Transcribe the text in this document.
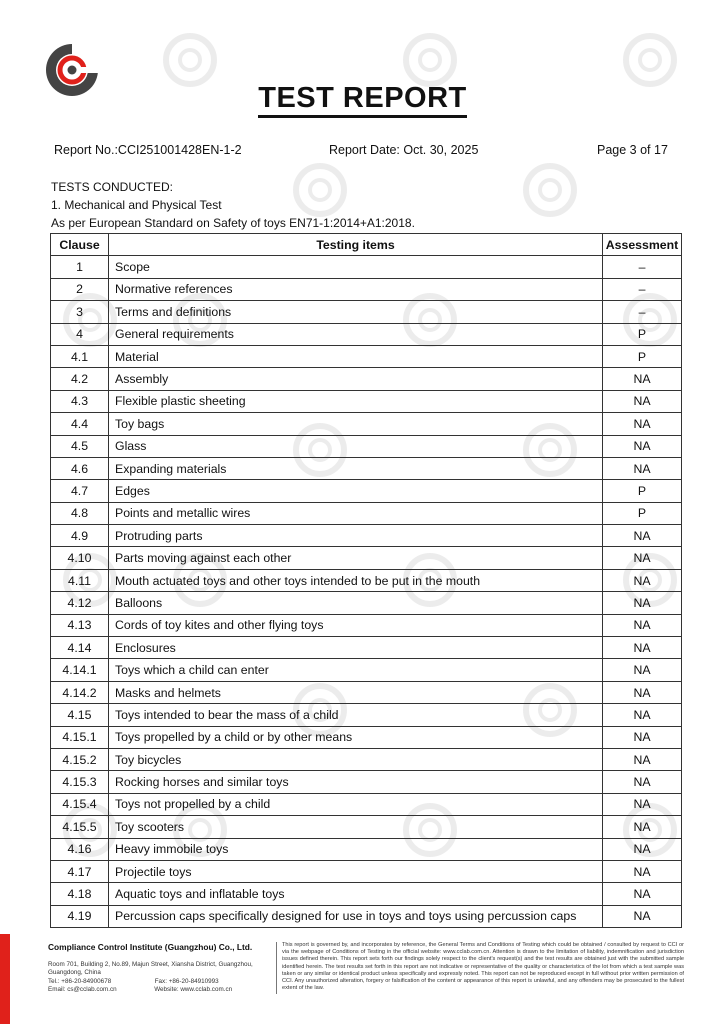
TEST REPORT
Report No.:CCI251001428EN-1-2	Report Date: Oct. 30, 2025	Page 3 of 17
TESTS CONDUCTED:
1. Mechanical and Physical Test
As per European Standard on Safety of toys EN71-1:2014+A1:2018.
Clause	Testing items	Assessment
1	Scope	–
2	Normative references	–
3	Terms and definitions	–
4	General requirements	P
4.1	Material	P
4.2	Assembly	NA
4.3	Flexible plastic sheeting	NA
4.4	Toy bags	NA
4.5	Glass	NA
4.6	Expanding materials	NA
4.7	Edges	P
4.8	Points and metallic wires	P
4.9	Protruding parts	NA
4.10	Parts moving against each other	NA
4.11	Mouth actuated toys and other toys intended to be put in the mouth	NA
4.12	Balloons	NA
4.13	Cords of toy kites and other flying toys	NA
4.14	Enclosures	NA
4.14.1	Toys which a child can enter	NA
4.14.2	Masks and helmets	NA
4.15	Toys intended to bear the mass of a child	NA
4.15.1	Toys propelled by a child or by other means	NA
4.15.2	Toy bicycles	NA
4.15.3	Rocking horses and similar toys	NA
4.15.4	Toys not propelled by a child	NA
4.15.5	Toy scooters	NA
4.16	Heavy immobile toys	NA
4.17	Projectile toys	NA
4.18	Aquatic toys and inflatable toys	NA
4.19	Percussion caps specifically designed for use in toys and toys using percussion caps	NA
Compliance Control Institute (Guangzhou) Co., Ltd.
Room 701, Building 2, No.89, Majun Street, Xiansha District, Guangzhou,
Guangdong, China
Tel.: +86-20-84900678	Fax: +86-20-84910993
Email: cs@cclab.com.cn	Website: www.cclab.com.cn
This report is governed by, and incorporates by reference, the General Terms and Conditions of Testing which could be obtained / consulted by request to CCI or via the webpage of Conditions of Testing in the official website: www.cclab.com.cn. Attention is drawn to the limitation of liability, indemnification and jurisdiction issues defined therein. This report sets forth our findings solely respect to the client's request(s) and the test results are obtained just with the submitted sample identified herein. The test results set forth in this report are not indicative or representative of the quality or characteristics of the lot from which a test sample was taken or any similar or identical product unless specifically and expressly noted. This report can not be reproduced except in full without prior written permission of CCI. Any unauthorized alteration, forgery or falsification of the content or appearance of this report is unlawful, and any offenders may be prosecuted to the fullest extent of the law.
